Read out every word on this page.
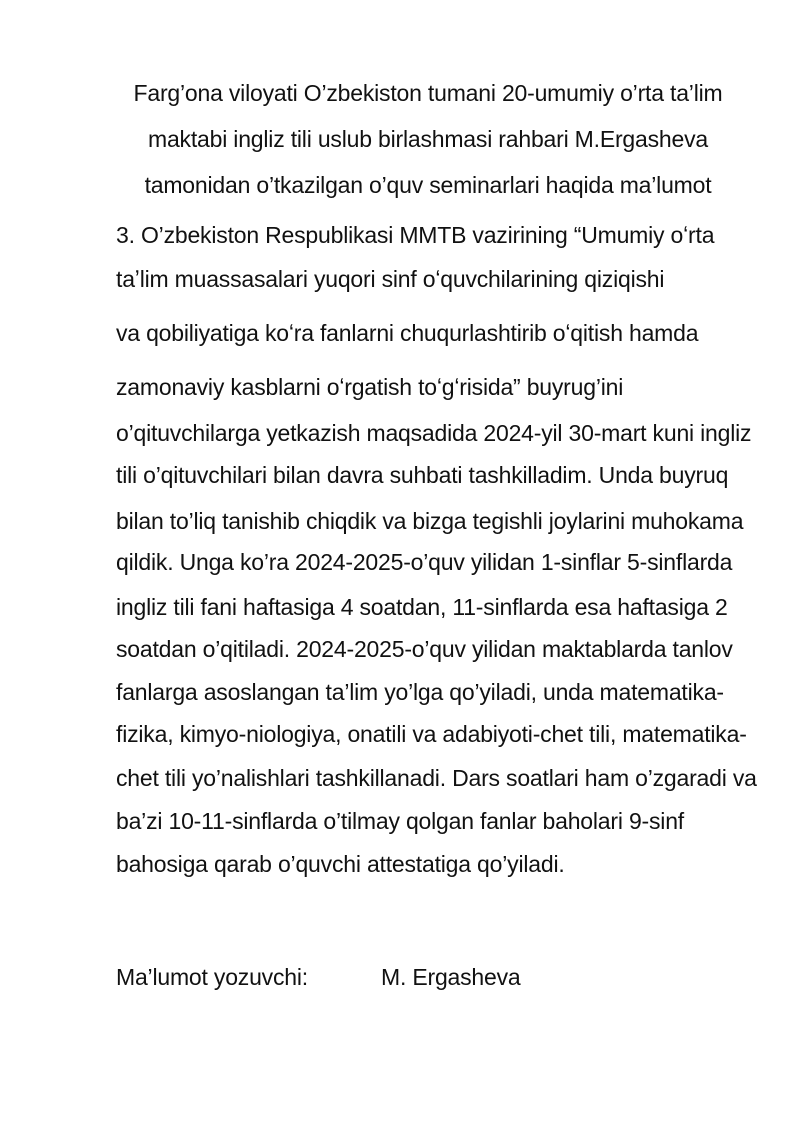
Farg’ona viloyati O’zbekiston tumani 20-umumiy o’rta ta’lim
maktabi ingliz tili uslub birlashmasi rahbari M.Ergasheva
tamonidan o’tkazilgan o’quv seminarlari haqida ma’lumot
3. O’zbekiston Respublikasi MMTB vazirining “Umumiy oʻrta
taʼlim muassasalari yuqori sinf oʻquvchilarining qiziqishi
va qobiliyatiga koʻra fanlarni chuqurlashtirib oʻqitish hamda
zamonaviy kasblarni oʻrgatish toʻgʻrisida” buyrug’ini
o’qituvchilarga yetkazish maqsadida 2024-yil 30-mart kuni ingliz
tili o’qituvchilari bilan davra suhbati tashkilladim. Unda buyruq
bilan to’liq tanishib chiqdik va bizga tegishli joylarini muhokama
qildik. Unga ko’ra 2024-2025-o’quv yilidan 1-sinflar 5-sinflarda
ingliz tili fani haftasiga 4 soatdan, 11-sinflarda esa haftasiga 2
soatdan o’qitiladi. 2024-2025-o’quv yilidan maktablarda tanlov
fanlarga asoslangan ta’lim yo’lga qo’yiladi, unda matematika-
fizika, kimyo-niologiya, onatili va adabiyoti-chet tili, matematika-
chet tili yo’nalishlari tashkillanadi. Dars soatlari ham o’zgaradi va
ba’zi 10-11-sinflarda o’tilmay qolgan fanlar baholari 9-sinf
bahosiga qarab o’quvchi attestatiga qo’yiladi.
Ma’lumot yozuvchi:	M. Ergasheva
